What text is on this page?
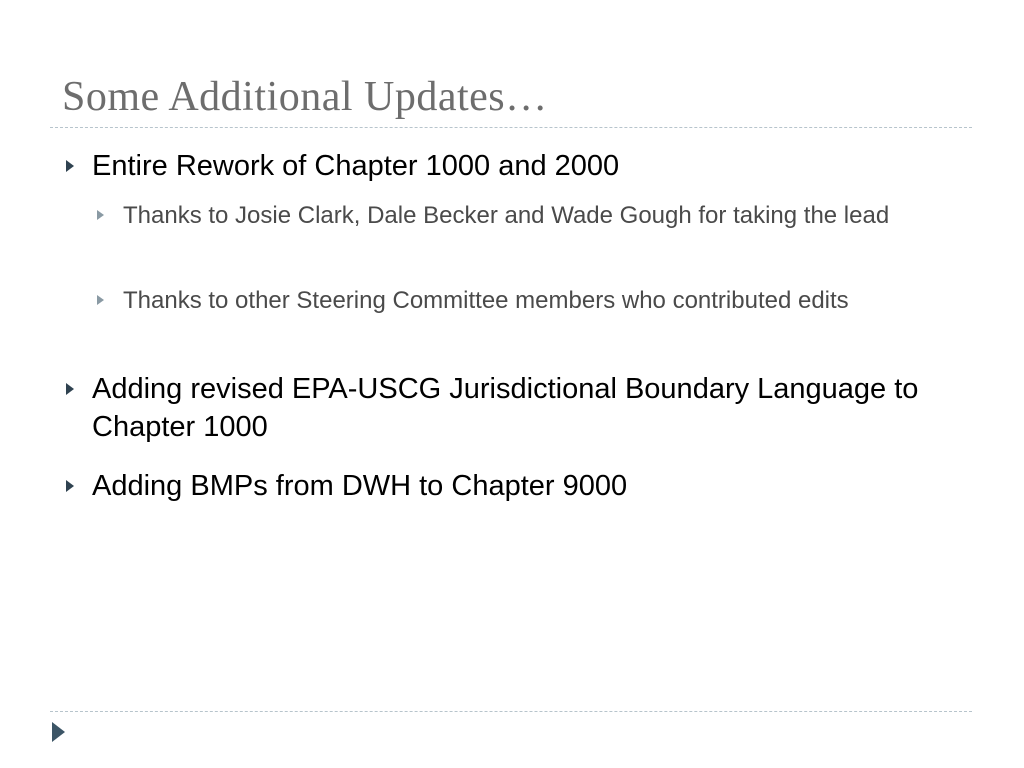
Some Additional Updates…
Entire Rework of Chapter 1000 and 2000
Thanks to Josie Clark, Dale Becker and Wade Gough for taking the lead
Thanks to other Steering Committee members who contributed edits
Adding revised EPA-USCG Jurisdictional Boundary Language to Chapter 1000
Adding BMPs from DWH to Chapter 9000
